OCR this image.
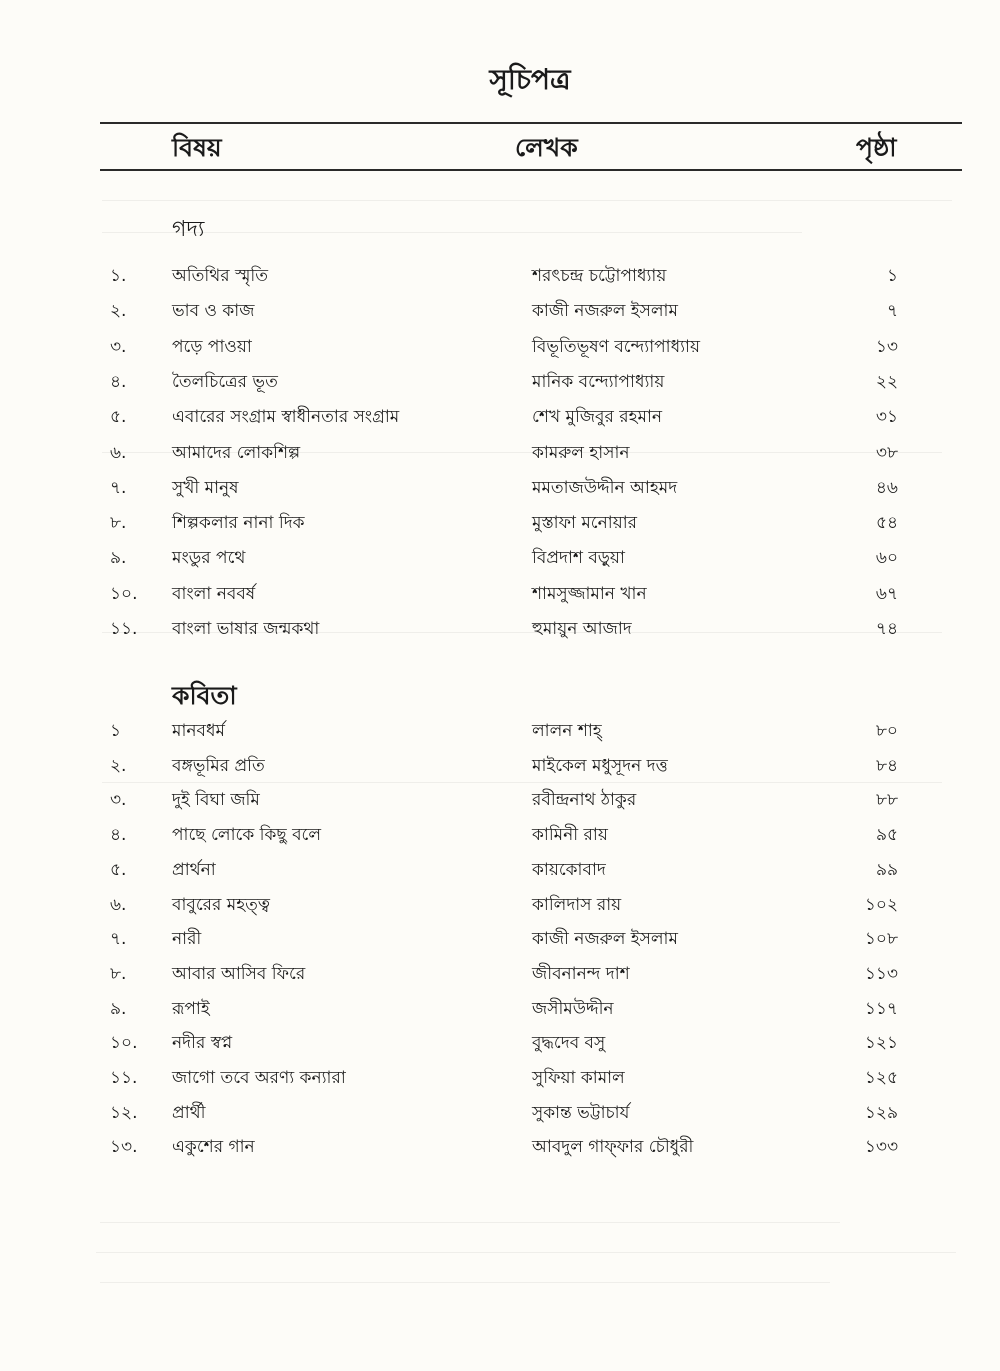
সূচিপত্র
বিষয়	লেখক	পৃষ্ঠা
গদ্য
১.	অতিথির স্মৃতি	শরৎচন্দ্র চট্টোপাধ্যায়	১
২.	ভাব ও কাজ	কাজী নজরুল ইসলাম	৭
৩.	পড়ে পাওয়া	বিভূতিভূষণ বন্দ্যোপাধ্যায়	১৩
৪.	তৈলচিত্রের ভূত	মানিক বন্দ্যোপাধ্যায়	২২
৫.	এবারের সংগ্রাম স্বাধীনতার সংগ্রাম	শেখ মুজিবুর রহমান	৩১
৬.	আমাদের লোকশিল্প	কামরুল হাসান	৩৮
৭.	সুখী মানুষ	মমতাজউদ্দীন আহমদ	৪৬
৮.	শিল্পকলার নানা দিক	মুস্তাফা মনোয়ার	৫৪
৯.	মংডুর পথে	বিপ্রদাশ বড়ুয়া	৬০
১০. বাংলা নববর্ষ	শামসুজ্জামান খান	৬৭
১১. বাংলা ভাষার জন্মকথা	হুমায়ুন আজাদ	৭৪
কবিতা
১	মানবধর্ম	লালন শাহ্	৮০
২.	বঙ্গভূমির প্রতি	মাইকেল মধুসূদন দত্ত	৮৪
৩.	দুই বিঘা জমি	রবীন্দ্রনাথ ঠাকুর	৮৮
৪.	পাছে লোকে কিছু বলে	কামিনী রায়	৯৫
৫.	প্রার্থনা	কায়কোবাদ	৯৯
৬.	বাবুরের মহত্ত্ব	কালিদাস রায়	১০২
৭.	নারী	কাজী নজরুল ইসলাম	১০৮
৮.	আবার আসিব ফিরে	জীবনানন্দ দাশ	১১৩
৯.	রূপাই	জসীমউদ্দীন	১১৭
১০. নদীর স্বপ্ন	বুদ্ধদেব বসু	১২১
১১. জাগো তবে অরণ্য কন্যারা	সুফিয়া কামাল	১২৫
১২. প্রার্থী	সুকান্ত ভট্টাচার্য	১২৯
১৩. একুশের গান	আবদুল গাফ্ফার চৌধুরী	১৩৩
